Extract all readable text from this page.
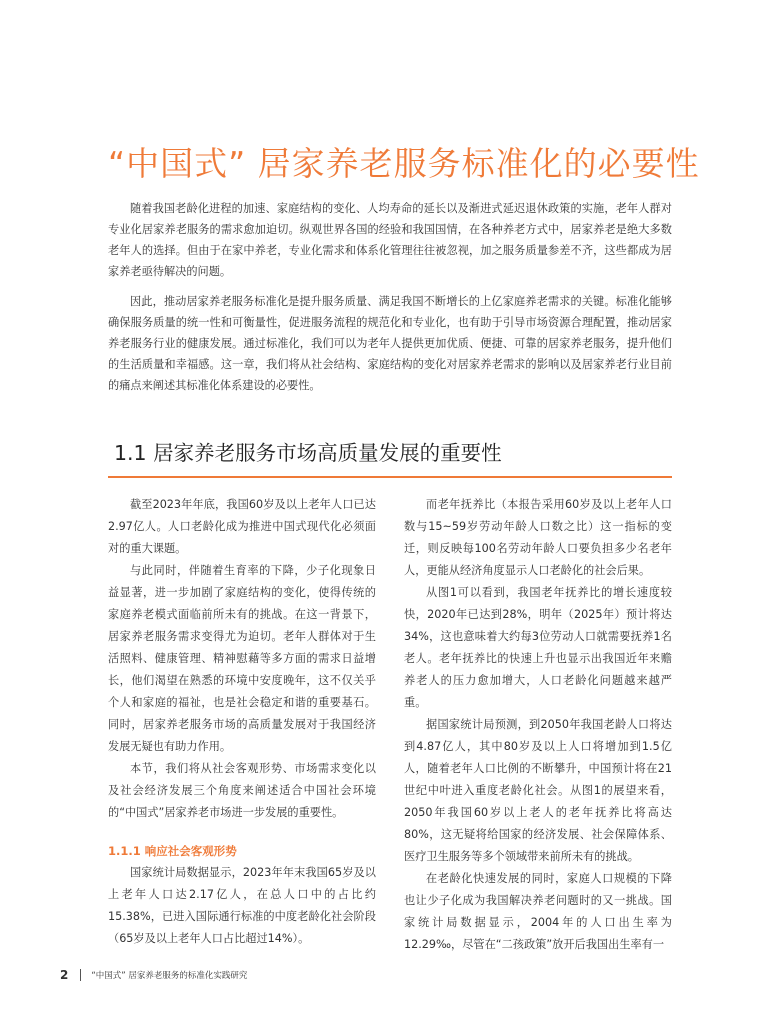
“中国式” 居家养老服务标准化的必要性

随着我国老龄化进程的加速、家庭结构的变化、人均寿命的延长以及渐进式延迟退休政策的实施，老年人群对专业化居家养老服务的需求愈加迫切。纵观世界各国的经验和我国国情，在各种养老方式中，居家养老是绝大多数老年人的选择。但由于在家中养老，专业化需求和体系化管理往往被忽视，加之服务质量参差不齐，这些都成为居家养老亟待解决的问题。

因此，推动居家养老服务标准化是提升服务质量、满足我国不断增长的上亿家庭养老需求的关键。标准化能够确保服务质量的统一性和可衡量性，促进服务流程的规范化和专业化，也有助于引导市场资源合理配置，推动居家养老服务行业的健康发展。通过标准化，我们可以为老年人提供更加优质、便捷、可靠的居家养老服务，提升他们的生活质量和幸福感。这一章，我们将从社会结构、家庭结构的变化对居家养老需求的影响以及居家养老行业目前的痛点来阐述其标准化体系建设的必要性。

1.1 居家养老服务市场高质量发展的重要性

截至2023年年底，我国60岁及以上老年人口已达2.97亿人。人口老龄化成为推进中国式现代化必须面对的重大课题。

与此同时，伴随着生育率的下降，少子化现象日益显著，进一步加剧了家庭结构的变化，使得传统的家庭养老模式面临前所未有的挑战。在这一背景下，居家养老服务需求变得尤为迫切。老年人群体对于生活照料、健康管理、精神慰藉等多方面的需求日益增长，他们渴望在熟悉的环境中安度晚年，这不仅关乎个人和家庭的福祉，也是社会稳定和谐的重要基石。同时，居家养老服务市场的高质量发展对于我国经济发展无疑也有助力作用。

本节，我们将从社会客观形势、市场需求变化以及社会经济发展三个角度来阐述适合中国社会环境的“中国式”居家养老市场进一步发展的重要性。

1.1.1 响应社会客观形势

国家统计局数据显示，2023年年末我国65岁及以上老年人口达2.17亿人，在总人口中的占比约15.38%，已进入国际通行标准的中度老龄化社会阶段（65岁及以上老年人口占比超过14%）。

而老年抚养比（本报告采用60岁及以上老年人口数与15~59岁劳动年龄人口数之比）这一指标的变迁，则反映每100名劳动年龄人口要负担多少名老年人，更能从经济角度显示人口老龄化的社会后果。

从图1可以看到，我国老年抚养比的增长速度较快，2020年已达到28%，明年（2025年）预计将达34%，这也意味着大约每3位劳动人口就需要抚养1名老人。老年抚养比的快速上升也显示出我国近年来赡养老人的压力愈加增大，人口老龄化问题越来越严重。

据国家统计局预测，到2050年我国老龄人口将达到4.87亿人，其中80岁及以上人口将增加到1.5亿人，随着老年人口比例的不断攀升，中国预计将在21世纪中叶进入重度老龄化社会。从图1的展望来看，2050年我国60岁以上老人的老年抚养比将高达80%，这无疑将给国家的经济发展、社会保障体系、医疗卫生服务等多个领域带来前所未有的挑战。

在老龄化快速发展的同时，家庭人口规模的下降也让少子化成为我国解决养老问题时的又一挑战。国家统计局数据显示，2004年的人口出生率为12.29‰，尽管在“二孩政策”放开后我国出生率有一

2	“中国式” 居家养老服务的标准化实践研究
